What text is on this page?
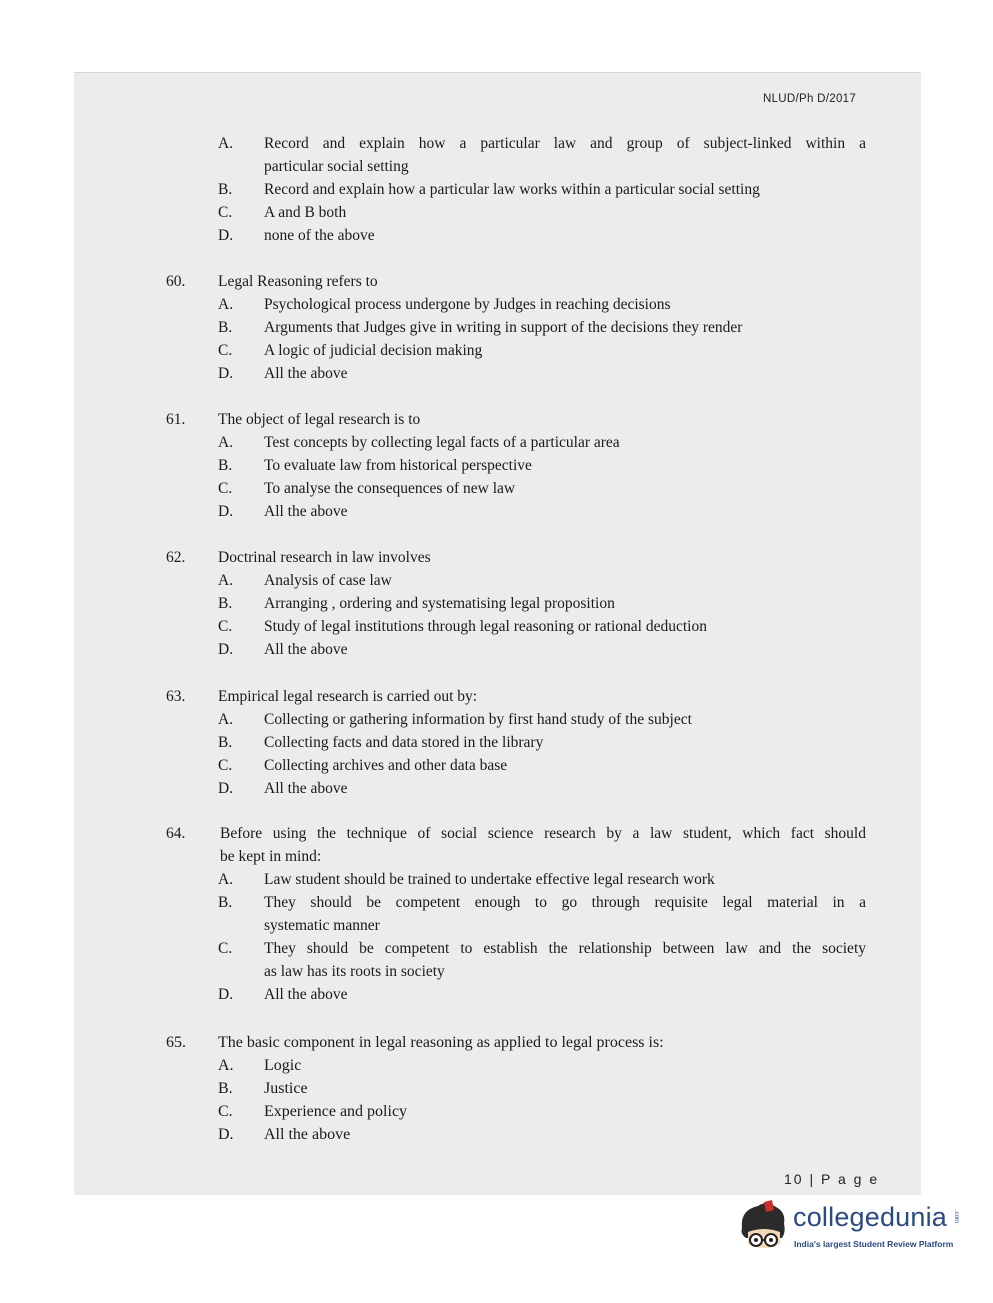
NLUD/Ph D/2017
A. Record and explain how a particular law and group of subject-linked within a
particular social setting
B. Record and explain how a particular law works within a particular social setting
C. A and B both
D. none of the above
60. Legal Reasoning refers to
A. Psychological process undergone by Judges in reaching decisions
B. Arguments that Judges give in writing in support of the decisions they render
C. A logic of judicial decision making
D. All the above
61. The object of legal research is to
A. Test concepts by collecting legal facts of a particular area
B. To evaluate law from historical perspective
C. To analyse the consequences of new law
D. All the above
62. Doctrinal research in law involves
A. Analysis of case law
B. Arranging , ordering and systematising legal proposition
C. Study of legal institutions through legal reasoning or rational deduction
D. All the above
63. Empirical legal research is carried out by:
A. Collecting or gathering information by first hand study of the subject
B. Collecting facts and data stored in the library
C. Collecting archives and other data base
D. All the above
64. Before using the technique of social science research by a law student, which fact should
be kept in mind:
A. Law student should be trained to undertake effective legal research work
B. They should be competent enough to go through requisite legal material in a
systematic manner
C. They should be competent to establish the relationship between law and the society
as law has its roots in society
D. All the above
65. The basic component in legal reasoning as applied to legal process is:
A. Logic
B. Justice
C. Experience and policy
D. All the above
10 | P a g e
collegedunia .com
India's largest Student Review Platform
